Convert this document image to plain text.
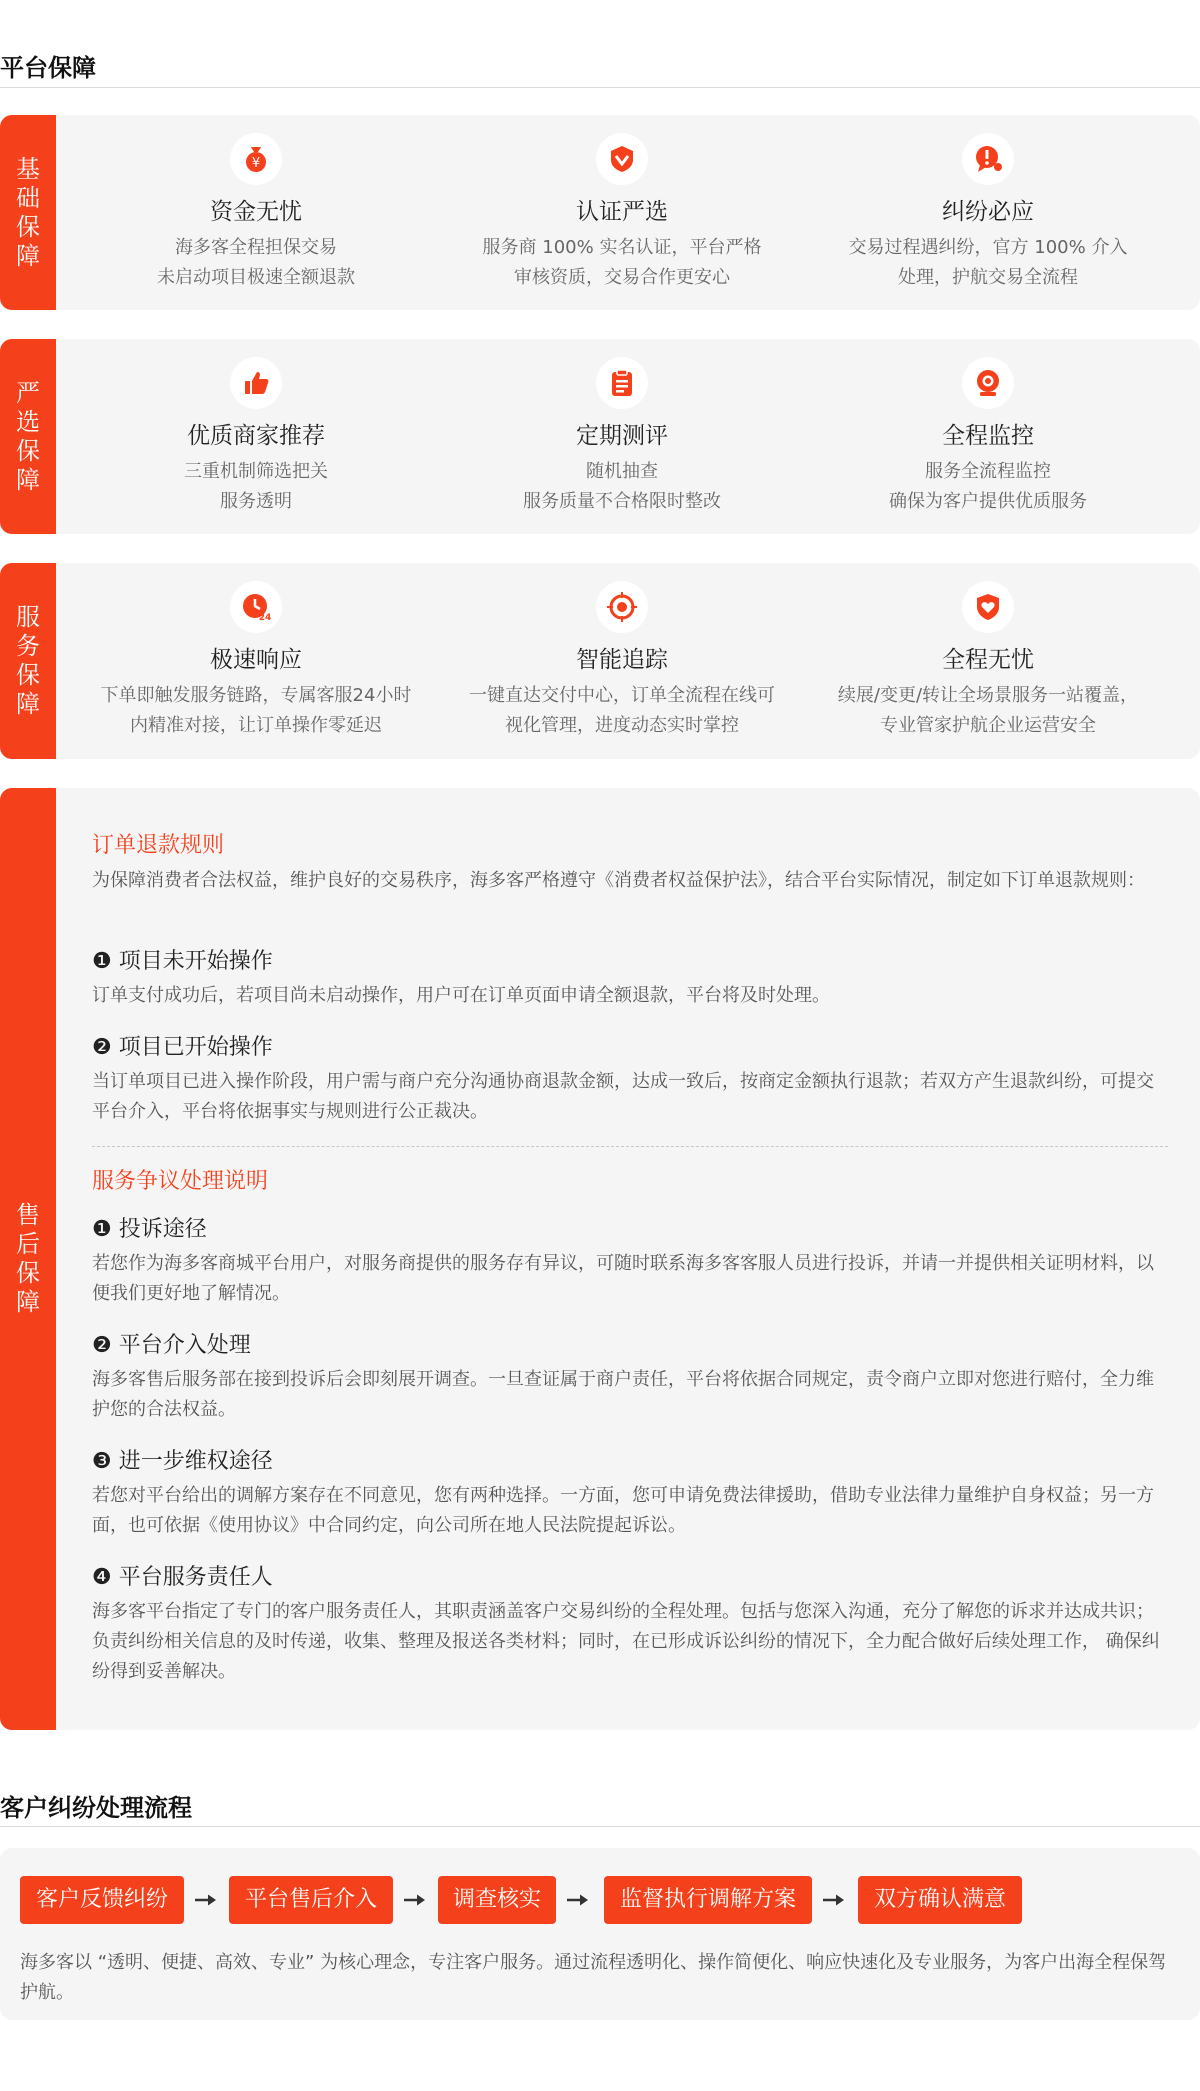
平台保障
基
础
保
障
¥
资金无忧
海多客全程担保交易
未启动项目极速全额退款
认证严选
服务商 100% 实名认证，平台严格
审核资质，交易合作更安心
纠纷必应
交易过程遇纠纷，官方 100% 介入
处理，护航交易全流程
严
选
保
障
优质商家推荐
三重机制筛选把关
服务透明
定期测评
随机抽查
服务质量不合格限时整改
全程监控
服务全流程监控
确保为客户提供优质服务
服
务
保
障
24
极速响应
下单即触发服务链路，专属客服24小时
内精准对接，让订单操作零延迟
智能追踪
一键直达交付中心，订单全流程在线可
视化管理，进度动态实时掌控
全程无忧
续展/变更/转让全场景服务一站覆盖，
专业管家护航企业运营安全
售
后
保
障
订单退款规则
为保障消费者合法权益，维护良好的交易秩序，海多客严格遵守《消费者权益保护法》，结合平台实际情况，制定如下订单退款规则：
❶ 项目未开始操作
订单支付成功后，若项目尚未启动操作，用户可在订单页面申请全额退款，平台将及时处理。
❷ 项目已开始操作
当订单项目已进入操作阶段，用户需与商户充分沟通协商退款金额，达成一致后，按商定金额执行退款；若双方产生退款纠纷，可提交平台介入，平台将依据事实与规则进行公正裁决。
服务争议处理说明
❶ 投诉途径
若您作为海多客商城平台用户，对服务商提供的服务存有异议，可随时联系海多客客服人员进行投诉，并请一并提供相关证明材料，以便我们更好地了解情况。
❷ 平台介入处理
海多客售后服务部在接到投诉后会即刻展开调查。一旦查证属于商户责任，平台将依据合同规定，责令商户立即对您进行赔付，全力维护您的合法权益。
❸ 进一步维权途径
若您对平台给出的调解方案存在不同意见，您有两种选择。一方面，您可申请免费法律援助，借助专业法律力量维护自身权益；另一方面，也可依据《使用协议》中合同约定，向公司所在地人民法院提起诉讼。
❹ 平台服务责任人
海多客平台指定了专门的客户服务责任人，其职责涵盖客户交易纠纷的全程处理。包括与您深入沟通，充分了解您的诉求并达成共识；负责纠纷相关信息的及时传递，收集、整理及报送各类材料；同时，在已形成诉讼纠纷的情况下，全力配合做好后续处理工作， 确保纠纷得到妥善解决。
客户纠纷处理流程
客户反馈纠纷	平台售后介入	调查核实	监督执行调解方案	双方确认满意
海多客以 “透明、便捷、高效、专业” 为核心理念，专注客户服务。通过流程透明化、操作简便化、响应快速化及专业服务，为客户出海全程保驾护航。
